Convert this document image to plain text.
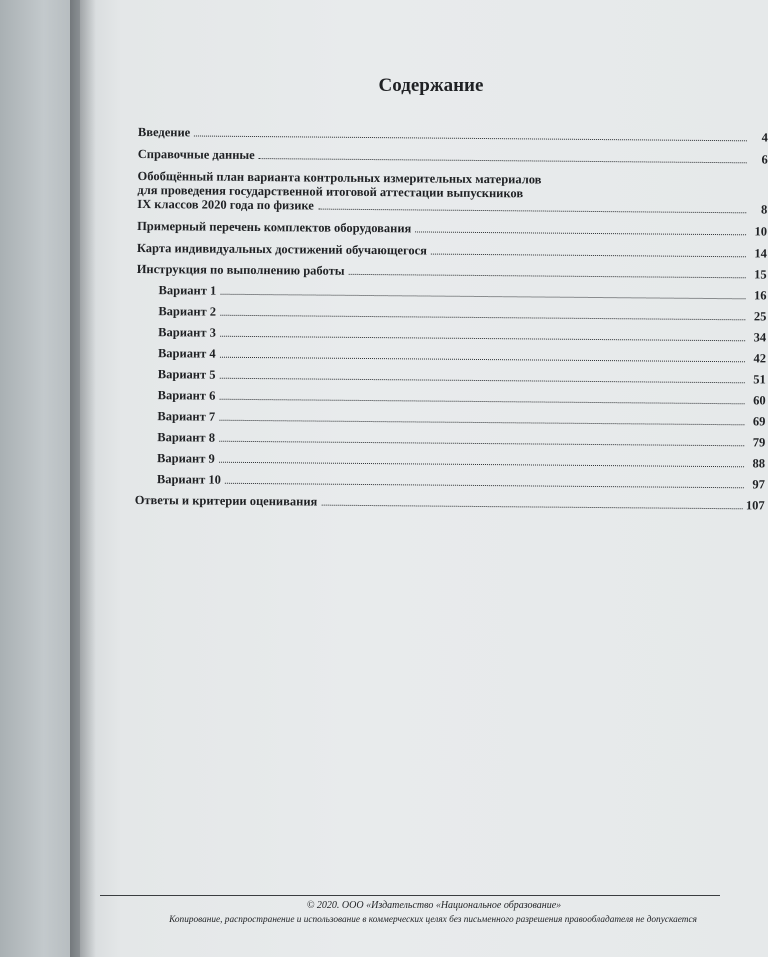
Содержание
Введение	4
Справочные данные	6
Обобщённый план варианта контрольных измерительных материалов
для проведения государственной итоговой аттестации выпускников
IX классов 2020 года по физике	8
Примерный перечень комплектов оборудования	10
Карта индивидуальных достижений обучающегося	14
Инструкция по выполнению работы	15
Вариант 1	16
Вариант 2	25
Вариант 3	34
Вариант 4	42
Вариант 5	51
Вариант 6	60
Вариант 7	69
Вариант 8	79
Вариант 9	88
Вариант 10	97
Ответы и критерии оценивания	107
© 2020. ООО «Издательство «Национальное образование»
Копирование, распространение и использование в коммерческих целях без письменного разрешения правообладателя не допускается
